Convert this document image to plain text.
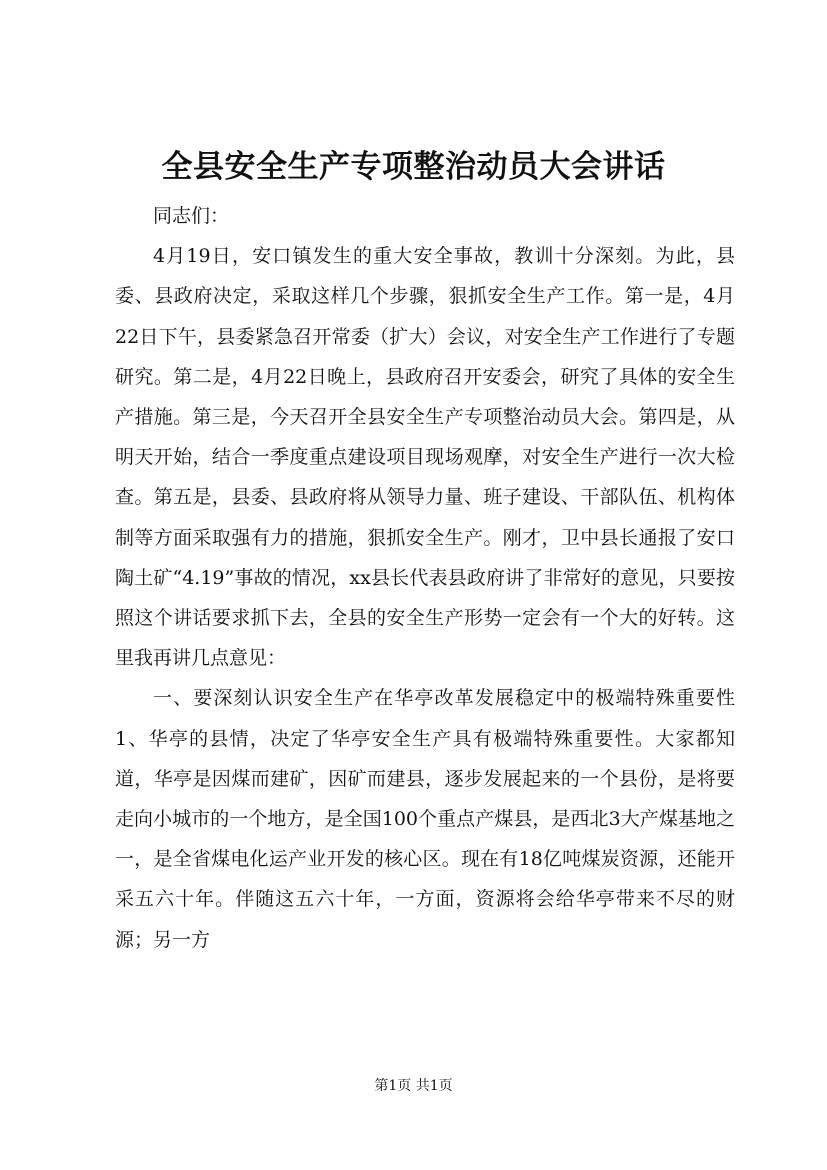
全县安全生产专项整治动员大会讲话

同志们：

4月19日，安口镇发生的重大安全事故，教训十分深刻。为此，县委、县政府决定，采取这样几个步骤，狠抓安全生产工作。第一是，4月22日下午，县委紧急召开常委（扩大）会议，对安全生产工作进行了专题研究。第二是，4月22日晚上，县政府召开安委会，研究了具体的安全生产措施。第三是，今天召开全县安全生产专项整治动员大会。第四是，从明天开始，结合一季度重点建设项目现场观摩，对安全生产进行一次大检查。第五是，县委、县政府将从领导力量、班子建设、干部队伍、机构体制等方面采取强有力的措施，狠抓安全生产。刚才，卫中县长通报了安口陶土矿“4.19”事故的情况，xx县长代表县政府讲了非常好的意见，只要按照这个讲话要求抓下去，全县的安全生产形势一定会有一个大的好转。这里我再讲几点意见：

一、要深刻认识安全生产在华亭改革发展稳定中的极端特殊重要性1、华亭的县情，决定了华亭安全生产具有极端特殊重要性。大家都知道，华亭是因煤而建矿，因矿而建县，逐步发展起来的一个县份，是将要走向小城市的一个地方，是全国100个重点产煤县，是西北3大产煤基地之一，是全省煤电化运产业开发的核心区。现在有18亿吨煤炭资源，还能开采五六十年。伴随这五六十年，一方面，资源将会给华亭带来不尽的财源；另一方

第1页 共1页
